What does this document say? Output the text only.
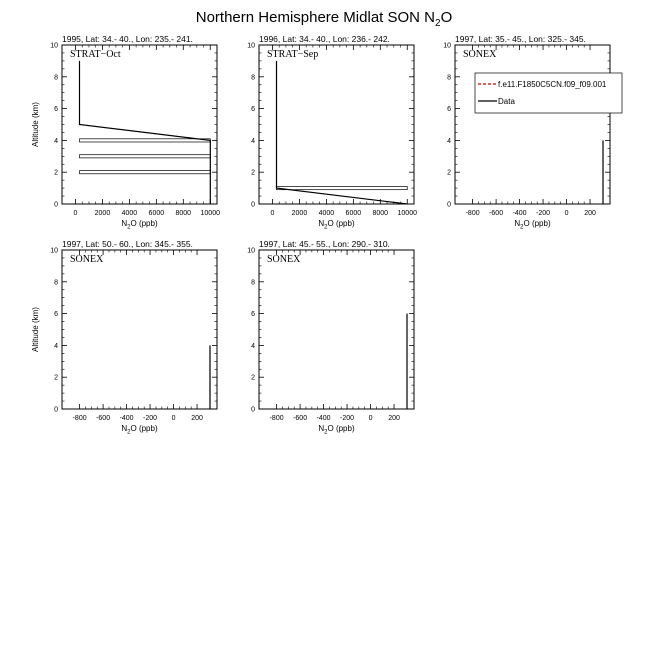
Northern Hemisphere Midlat SON $N_2O$
1995, Lat: 34.- 40., Lon: 235.- 241.
STRAT−Oct
0
2
4
6
8
10
0 2000 4000 6000 8000 10000
$N_2O$ (ppb)
Altitude (km)
1996, Lat: 34.- 40., Lon: 236.- 242.
STRAT−Sep
0
2
4
6
8
10
0 2000 4000 6000 8000 10000
$N_2O$ (ppb)
1997, Lat: 35.- 45., Lon: 325.- 345.
SONEX
0
2
4
6
8
10
-800 -600 -400 -200 0 200
$N_2O$ (ppb)
f.e11.F1850C5CN.f09_f09.001
Data
1997, Lat: 50.- 60., Lon: 345.- 355.
SONEX
0
2
4
6
8
10
-800 -600 -400 -200 0 200
$N_2O$ (ppb)
Altitude (km)
1997, Lat: 45.- 55., Lon: 290.- 310.
SONEX
0
2
4
6
8
10
-800 -600 -400 -200 0 200
$N_2O$ (ppb)
